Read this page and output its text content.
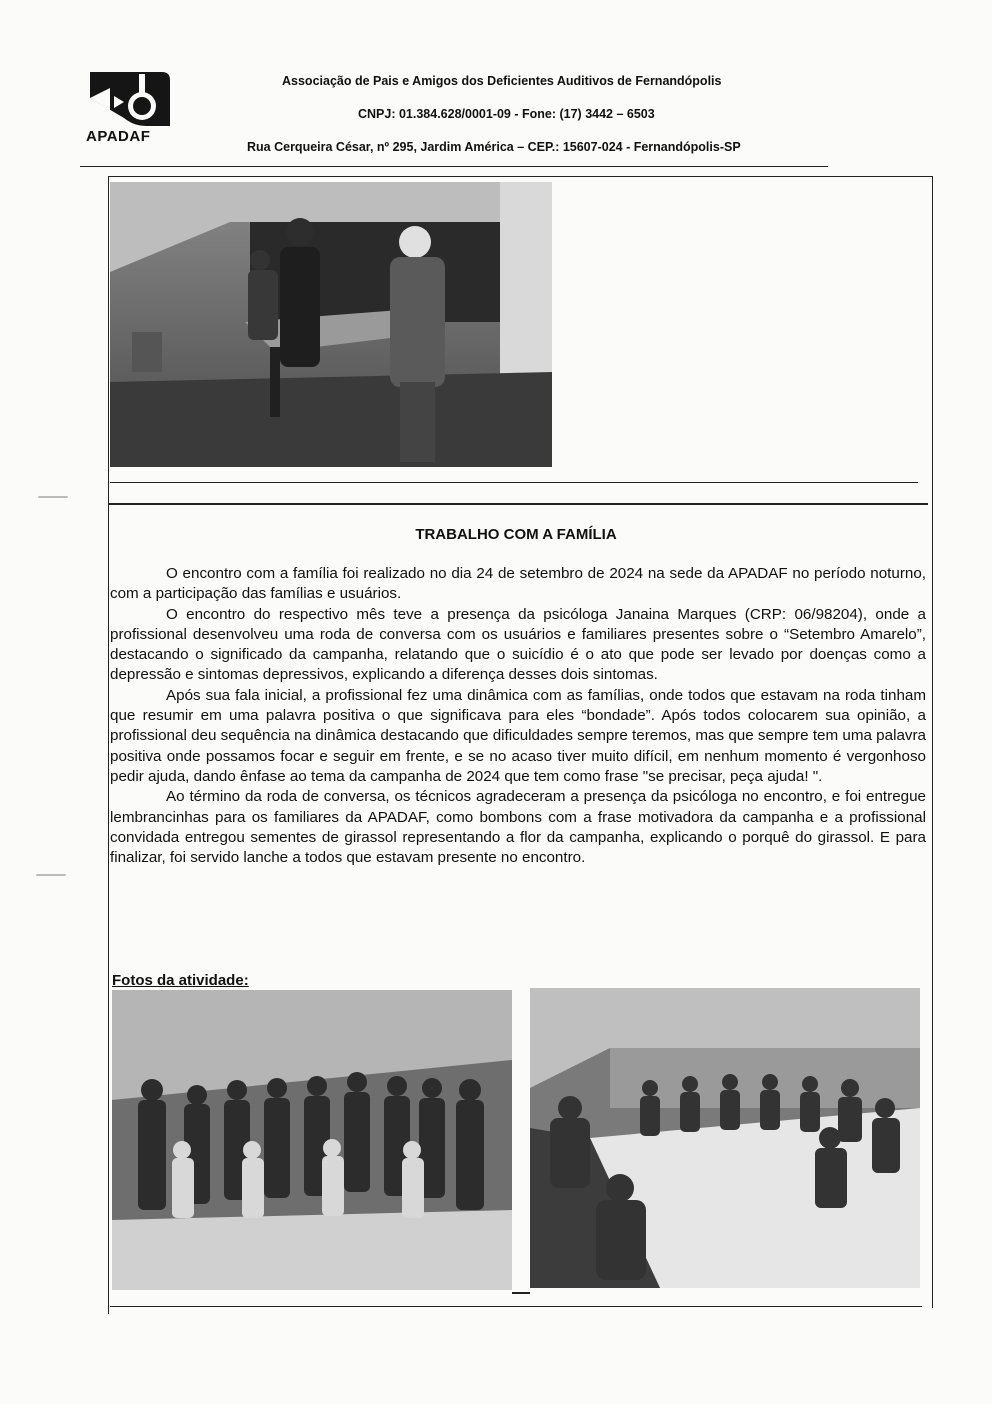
APADAF
Associação de Pais e Amigos dos Deficientes Auditivos de Fernandópolis
CNPJ: 01.384.628/0001-09 - Fone: (17) 3442 – 6503
Rua Cerqueira César, nº 295, Jardim América – CEP.: 15607-024 - Fernandópolis-SP
TRABALHO COM A FAMÍLIA

O encontro com a família foi realizado no dia 24 de setembro de 2024 na sede da APADAF no período noturno, com a participação das famílias e usuários.

O encontro do respectivo mês teve a presença da psicóloga Janaina Marques (CRP: 06/98204), onde a profissional desenvolveu uma roda de conversa com os usuários e familiares presentes sobre o “Setembro Amarelo”, destacando o significado da campanha, relatando que o suicídio é o ato que pode ser levado por doenças como a depressão e sintomas depressivos, explicando a diferença desses dois sintomas.

Após sua fala inicial, a profissional fez uma dinâmica com as famílias, onde todos que estavam na roda tinham que resumir em uma palavra positiva o que significava para eles “bondade”. Após todos colocarem sua opinião, a profissional deu sequência na dinâmica destacando que dificuldades sempre teremos, mas que sempre tem uma palavra positiva onde possamos focar e seguir em frente, e se no acaso tiver muito difícil, em nenhum momento é vergonhoso pedir ajuda, dando ênfase ao tema da campanha de 2024 que tem como frase "se precisar, peça ajuda! ".

Ao término da roda de conversa, os técnicos agradeceram a presença da psicóloga no encontro, e foi entregue lembrancinhas para os familiares da APADAF, como bombons com a frase motivadora da campanha e a profissional convidada entregou sementes de girassol representando a flor da campanha, explicando o porquê do girassol. E para finalizar, foi servido lanche a todos que estavam presente no encontro.

Fotos da atividade:
